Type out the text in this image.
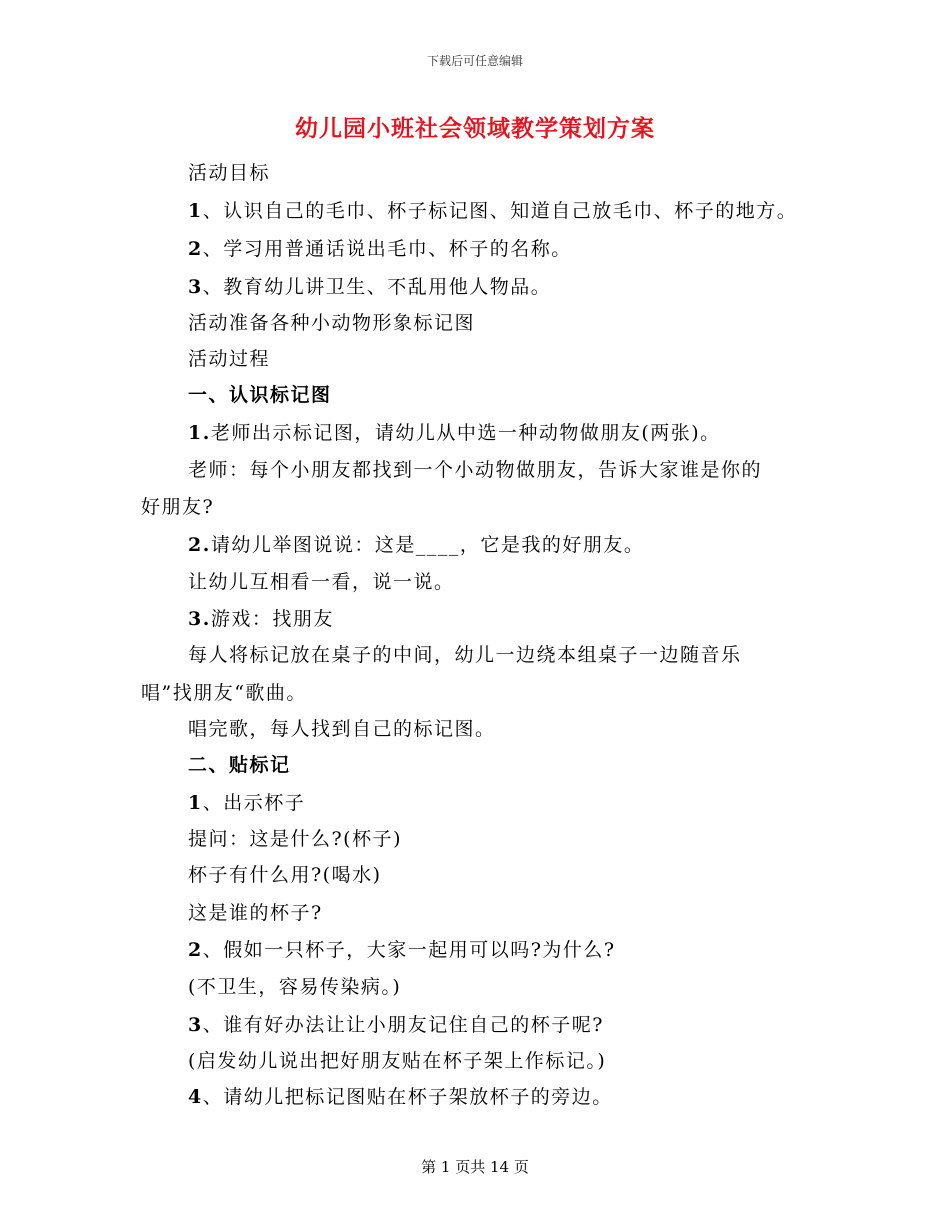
下载后可任意编辑
幼儿园小班社会领域教学策划方案
活动目标
1、认识自己的毛巾、杯子标记图、知道自己放毛巾、杯子的地方。
2、学习用普通话说出毛巾、杯子的名称。
3、教育幼儿讲卫生、不乱用他人物品。
活动准备各种小动物形象标记图
活动过程
一、认识标记图
1.老师出示标记图，请幼儿从中选一种动物做朋友(两张)。
老师：每个小朋友都找到一个小动物做朋友，告诉大家谁是你的
好朋友?
2.请幼儿举图说说：这是____，它是我的好朋友。
让幼儿互相看一看，说一说。
3.游戏：找朋友
每人将标记放在桌子的中间，幼儿一边绕本组桌子一边随音乐
唱”找朋友“歌曲。
唱完歌，每人找到自己的标记图。
二、贴标记
1、出示杯子
提问：这是什么?(杯子)
杯子有什么用?(喝水)
这是谁的杯子?
2、假如一只杯子，大家一起用可以吗?为什么?
(不卫生，容易传染病。)
3、谁有好办法让让小朋友记住自己的杯子呢?
(启发幼儿说出把好朋友贴在杯子架上作标记。)
4、请幼儿把标记图贴在杯子架放杯子的旁边。
第 1 页共 14 页
